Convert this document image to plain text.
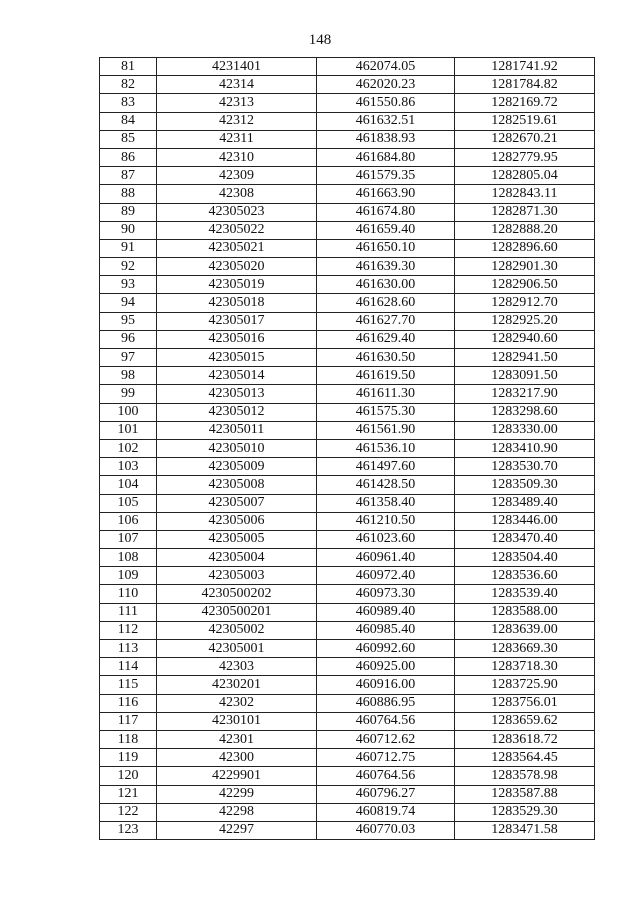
148
81	4231401	462074.05	1281741.92
82	42314	462020.23	1281784.82
83	42313	461550.86	1282169.72
84	42312	461632.51	1282519.61
85	42311	461838.93	1282670.21
86	42310	461684.80	1282779.95
87	42309	461579.35	1282805.04
88	42308	461663.90	1282843.11
89	42305023	461674.80	1282871.30
90	42305022	461659.40	1282888.20
91	42305021	461650.10	1282896.60
92	42305020	461639.30	1282901.30
93	42305019	461630.00	1282906.50
94	42305018	461628.60	1282912.70
95	42305017	461627.70	1282925.20
96	42305016	461629.40	1282940.60
97	42305015	461630.50	1282941.50
98	42305014	461619.50	1283091.50
99	42305013	461611.30	1283217.90
100	42305012	461575.30	1283298.60
101	42305011	461561.90	1283330.00
102	42305010	461536.10	1283410.90
103	42305009	461497.60	1283530.70
104	42305008	461428.50	1283509.30
105	42305007	461358.40	1283489.40
106	42305006	461210.50	1283446.00
107	42305005	461023.60	1283470.40
108	42305004	460961.40	1283504.40
109	42305003	460972.40	1283536.60
110	4230500202	460973.30	1283539.40
111	4230500201	460989.40	1283588.00
112	42305002	460985.40	1283639.00
113	42305001	460992.60	1283669.30
114	42303	460925.00	1283718.30
115	4230201	460916.00	1283725.90
116	42302	460886.95	1283756.01
117	4230101	460764.56	1283659.62
118	42301	460712.62	1283618.72
119	42300	460712.75	1283564.45
120	4229901	460764.56	1283578.98
121	42299	460796.27	1283587.88
122	42298	460819.74	1283529.30
123	42297	460770.03	1283471.58
